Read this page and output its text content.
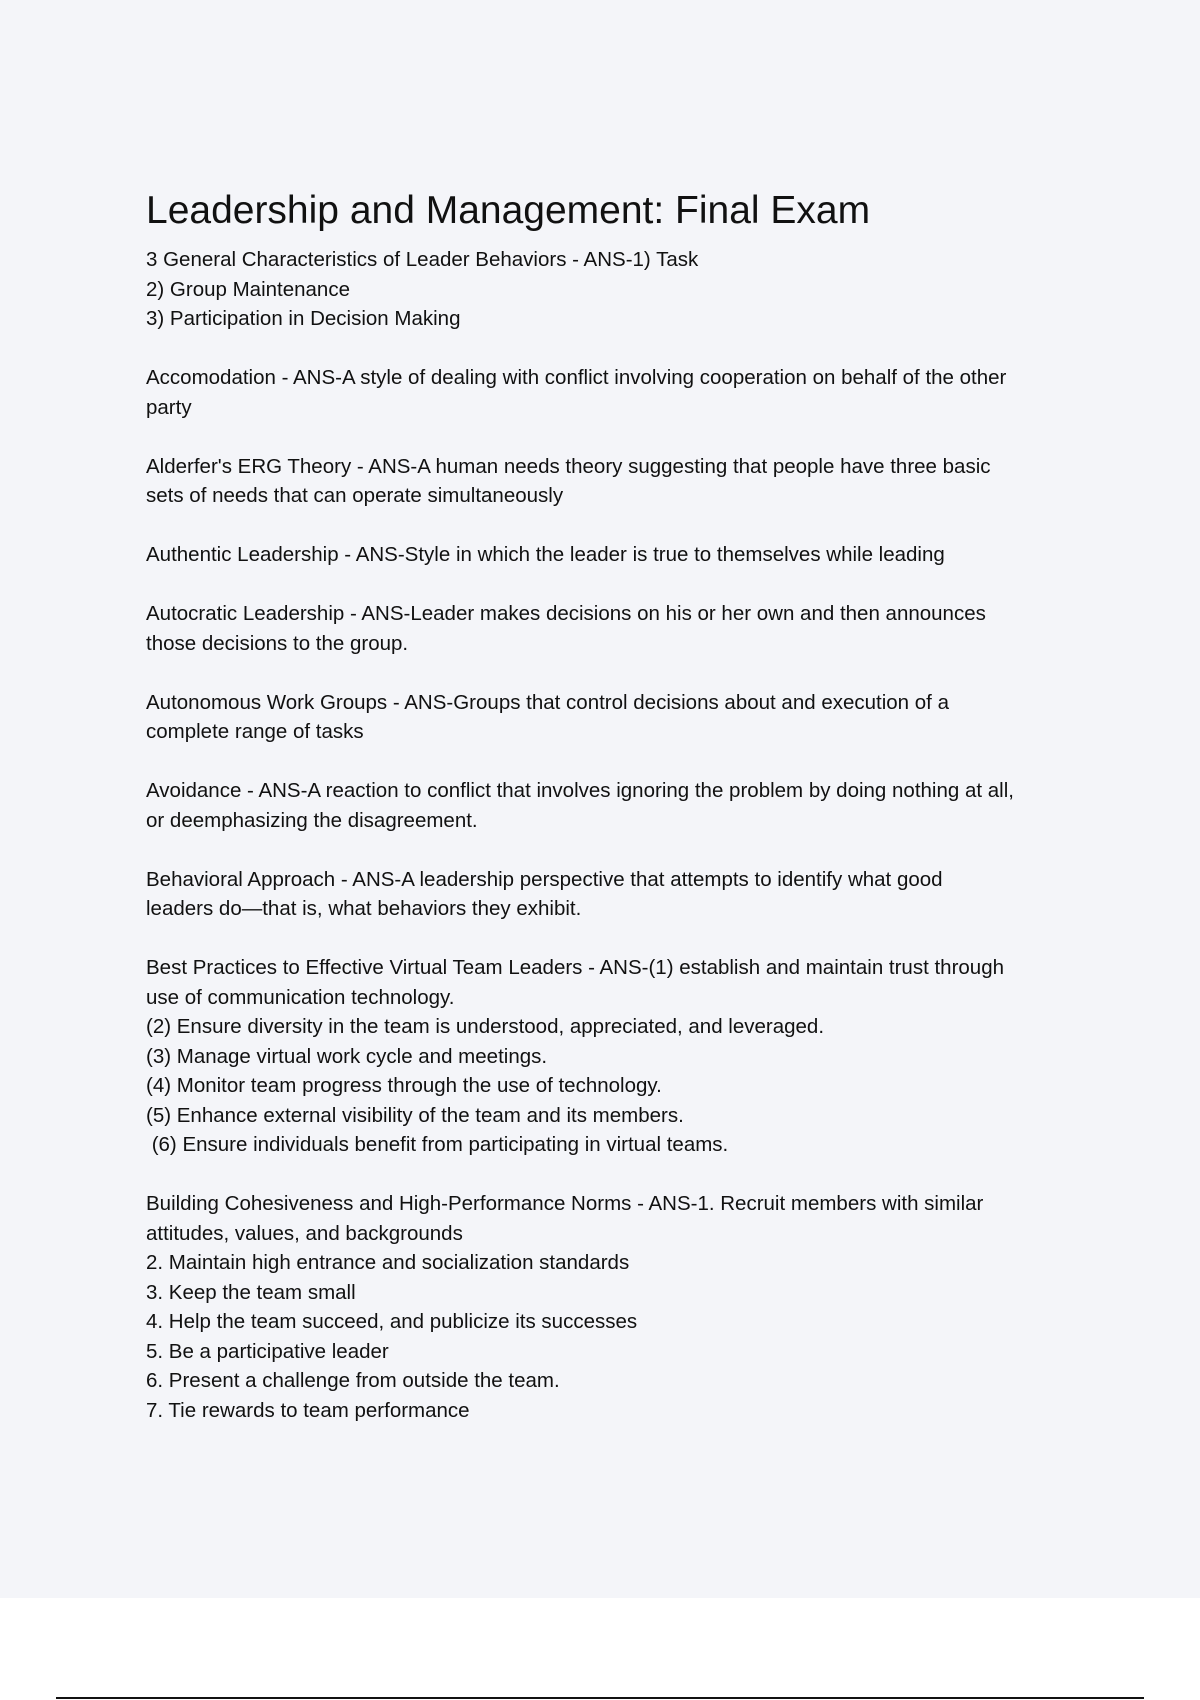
Leadership and Management: Final Exam
3 General Characteristics of Leader Behaviors - ANS-1) Task
2) Group Maintenance
3) Participation in Decision Making
Accomodation - ANS-A style of dealing with conflict involving cooperation on behalf of the other
party
Alderfer's ERG Theory - ANS-A human needs theory suggesting that people have three basic
sets of needs that can operate simultaneously
Authentic Leadership - ANS-Style in which the leader is true to themselves while leading
Autocratic Leadership - ANS-Leader makes decisions on his or her own and then announces
those decisions to the group.
Autonomous Work Groups - ANS-Groups that control decisions about and execution of a
complete range of tasks
Avoidance - ANS-A reaction to conflict that involves ignoring the problem by doing nothing at all,
or deemphasizing the disagreement.
Behavioral Approach - ANS-A leadership perspective that attempts to identify what good
leaders do—that is, what behaviors they exhibit.
Best Practices to Effective Virtual Team Leaders - ANS-(1) establish and maintain trust through
use of communication technology.
(2) Ensure diversity in the team is understood, appreciated, and leveraged.
(3) Manage virtual work cycle and meetings.
(4) Monitor team progress through the use of technology.
(5) Enhance external visibility of the team and its members.
(6) Ensure individuals benefit from participating in virtual teams.
Building Cohesiveness and High-Performance Norms - ANS-1. Recruit members with similar
attitudes, values, and backgrounds
2. Maintain high entrance and socialization standards
3. Keep the team small
4. Help the team succeed, and publicize its successes
5. Be a participative leader
6. Present a challenge from outside the team.
7. Tie rewards to team performance
